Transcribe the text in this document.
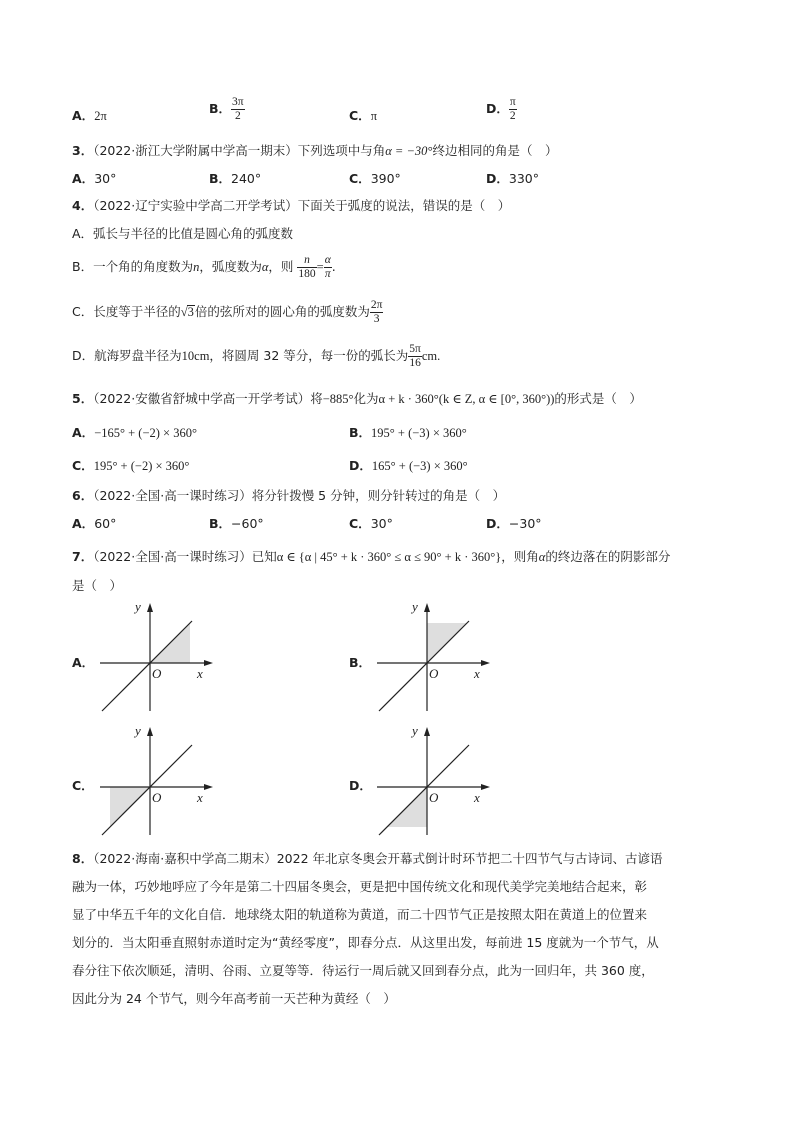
A．2π	B． $\frac{3\pi}{2}$	C．π	D． $\frac{\pi}{2}$
3．（2022·浙江大学附属中学高一期末）下列选项中与角α = −30°终边相同的角是（　）
A．30°	B．240°	C．390°	D．330°
4．（2022·辽宁实验中学高二开学考试）下面关于弧度的说法，错误的是（　）
A．弧长与半径的比值是圆心角的弧度数
B．一个角的角度数为n，弧度数为α，则 $\frac{n}{180} = \frac{\alpha}{\pi}$ .
C．长度等于半径的√3倍的弦所对的圆心角的弧度数为 $\frac{2\pi}{3}$
D．航海罗盘半径为10cm，将圆周 32 等分，每一份的弧长为 $\frac{5\pi}{16}$ cm.
5．（2022·安徽省舒城中学高一开学考试）将−885°化为α + k · 360°(k ∈ Z, α ∈ [0°, 360°))的形式是（　）
A．−165° + (−2) × 360°	B．195° + (−3) × 360°
C．195° + (−2) × 360°	D．165° + (−3) × 360°
6．（2022·全国·高一课时练习）将分针拨慢 5 分钟，则分针转过的角是（　）
A．60°	B．−60°	C．30°	D．−30°
7．（2022·全国·高一课时练习）已知α ∈ {α | 45° + k · 360° ≤ α ≤ 90° + k · 360°}，则角α的终边落在的阴影部分
是（　）
A．
y
x
O
B．
y
x
O
C．
y
x
O
D．
y
x
O
8．（2022·海南·嘉积中学高二期末）2022 年北京冬奥会开幕式倒计时环节把二十四节气与古诗词、古谚语
融为一体，巧妙地呼应了今年是第二十四届冬奥会，更是把中国传统文化和现代美学完美地结合起来，彰
显了中华五千年的文化自信．地球绕太阳的轨道称为黄道，而二十四节气正是按照太阳在黄道上的位置来
划分的．当太阳垂直照射赤道时定为“黄经零度”，即春分点．从这里出发，每前进 15 度就为一个节气，从
春分往下依次顺延，清明、谷雨、立夏等等．待运行一周后就又回到春分点，此为一回归年，共 360 度，
因此分为 24 个节气，则今年高考前一天芒种为黄经（　）
